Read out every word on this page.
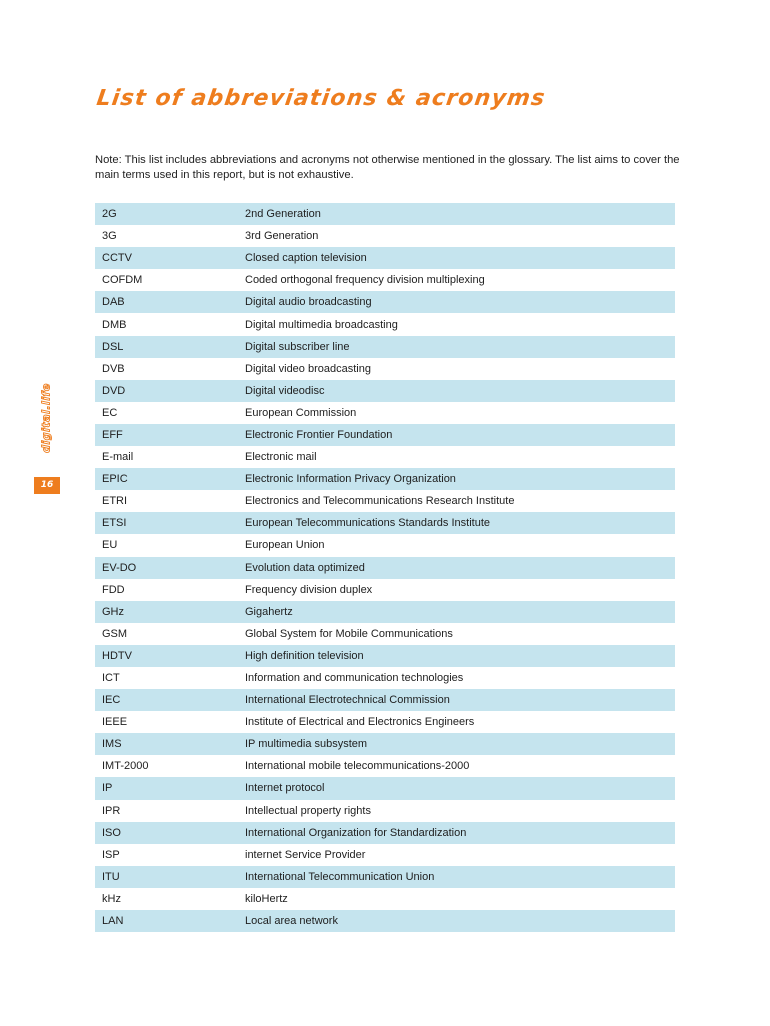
List of abbreviations & acronyms

Note: This list includes abbreviations and acronyms not otherwise mentioned in the glossary. The list aims to cover the main terms used in this report, but is not exhaustive.

digital.life
16
2G	2nd Generation
3G	3rd Generation
CCTV	Closed caption television
COFDM	Coded orthogonal frequency division multiplexing
DAB	Digital audio broadcasting
DMB	Digital multimedia broadcasting
DSL	Digital subscriber line
DVB	Digital video broadcasting
DVD	Digital videodisc
EC	European Commission
EFF	Electronic Frontier Foundation
E-mail	Electronic mail
EPIC	Electronic Information Privacy Organization
ETRI	Electronics and Telecommunications Research Institute
ETSI	European Telecommunications Standards Institute
EU	European Union
EV-DO	Evolution data optimized
FDD	Frequency division duplex
GHz	Gigahertz
GSM	Global System for Mobile Communications
HDTV	High definition television
ICT	Information and communication technologies
IEC	International Electrotechnical Commission
IEEE	Institute of Electrical and Electronics Engineers
IMS	IP multimedia subsystem
IMT-2000	International mobile telecommunications-2000
IP	Internet protocol
IPR	Intellectual property rights
ISO	International Organization for Standardization
ISP	internet Service Provider
ITU	International Telecommunication Union
kHz	kiloHertz
LAN	Local area network
